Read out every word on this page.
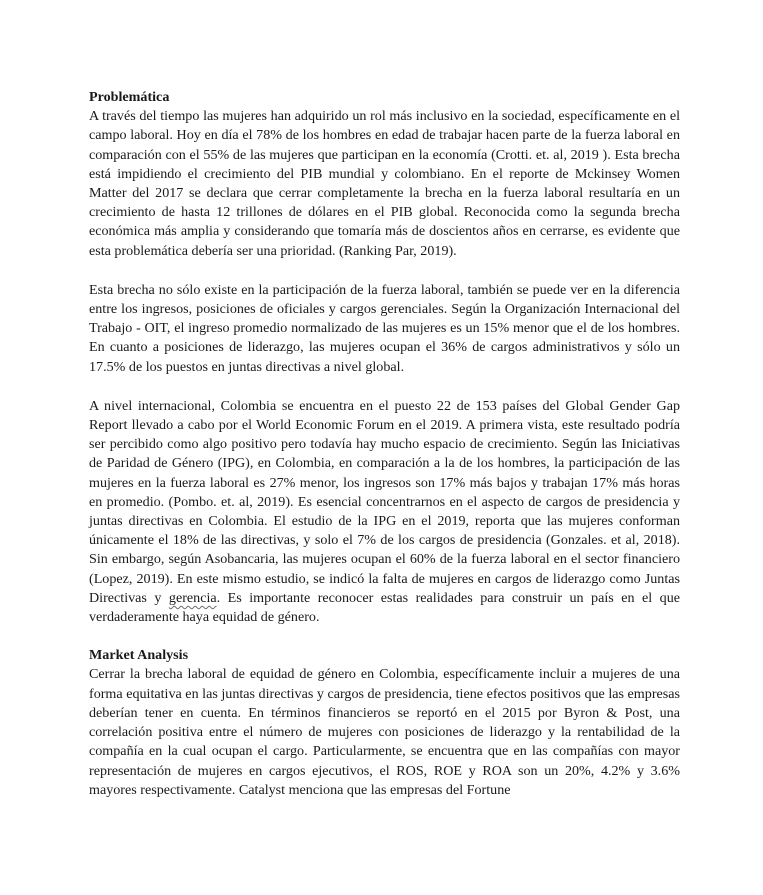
Problemática

A través del tiempo las mujeres han adquirido un rol más inclusivo en la sociedad, específicamente en el campo laboral. Hoy en día el 78% de los hombres en edad de trabajar hacen parte de la fuerza laboral en comparación con el 55% de las mujeres que participan en la economía (Crotti. et. al, 2019 ). Esta brecha está impidiendo el crecimiento del PIB mundial y colombiano. En el reporte de Mckinsey Women Matter del 2017 se declara que cerrar completamente la brecha en la fuerza laboral resultaría en un crecimiento de hasta 12 trillones de dólares en el PIB global. Reconocida como la segunda brecha económica más amplia y considerando que tomaría más de doscientos años en cerrarse, es evidente que esta problemática debería ser una prioridad. (Ranking Par, 2019).

Esta brecha no sólo existe en la participación de la fuerza laboral, también se puede ver en la diferencia entre los ingresos, posiciones de oficiales y cargos gerenciales. Según la Organización Internacional del Trabajo - OIT, el ingreso promedio normalizado de las mujeres es un 15% menor que el de los hombres. En cuanto a posiciones de liderazgo, las mujeres ocupan el 36% de cargos administrativos y sólo un 17.5% de los puestos en juntas directivas a nivel global.

A nivel internacional, Colombia se encuentra en el puesto 22 de 153 países del Global Gender Gap Report llevado a cabo por el World Economic Forum en el 2019. A primera vista, este resultado podría ser percibido como algo positivo pero todavía hay mucho espacio de crecimiento. Según las Iniciativas de Paridad de Género (IPG), en Colombia, en comparación a la de los hombres, la participación de las mujeres en la fuerza laboral es 27% menor, los ingresos son 17% más bajos y trabajan 17% más horas en promedio. (Pombo. et. al, 2019). Es esencial concentrarnos en el aspecto de cargos de presidencia y juntas directivas en Colombia. El estudio de la IPG en el 2019, reporta que las mujeres conforman únicamente el 18% de las directivas, y solo el 7% de los cargos de presidencia (Gonzales. et al, 2018). Sin embargo, según Asobancaria, las mujeres ocupan el 60% de la fuerza laboral en el sector financiero (Lopez, 2019). En este mismo estudio, se indicó la falta de mujeres en cargos de liderazgo como Juntas Directivas y gerencia. Es importante reconocer estas realidades para construir un país en el que verdaderamente haya equidad de género.

Market Analysis

Cerrar la brecha laboral de equidad de género en Colombia, específicamente incluir a mujeres de una forma equitativa en las juntas directivas y cargos de presidencia, tiene efectos positivos que las empresas deberían tener en cuenta. En términos financieros se reportó en el 2015 por Byron & Post, una correlación positiva entre el número de mujeres con posiciones de liderazgo y la rentabilidad de la compañía en la cual ocupan el cargo. Particularmente, se encuentra que en las compañías con mayor representación de mujeres en cargos ejecutivos, el ROS, ROE y ROA son un 20%, 4.2% y 3.6% mayores respectivamente. Catalyst menciona que las empresas del Fortune
